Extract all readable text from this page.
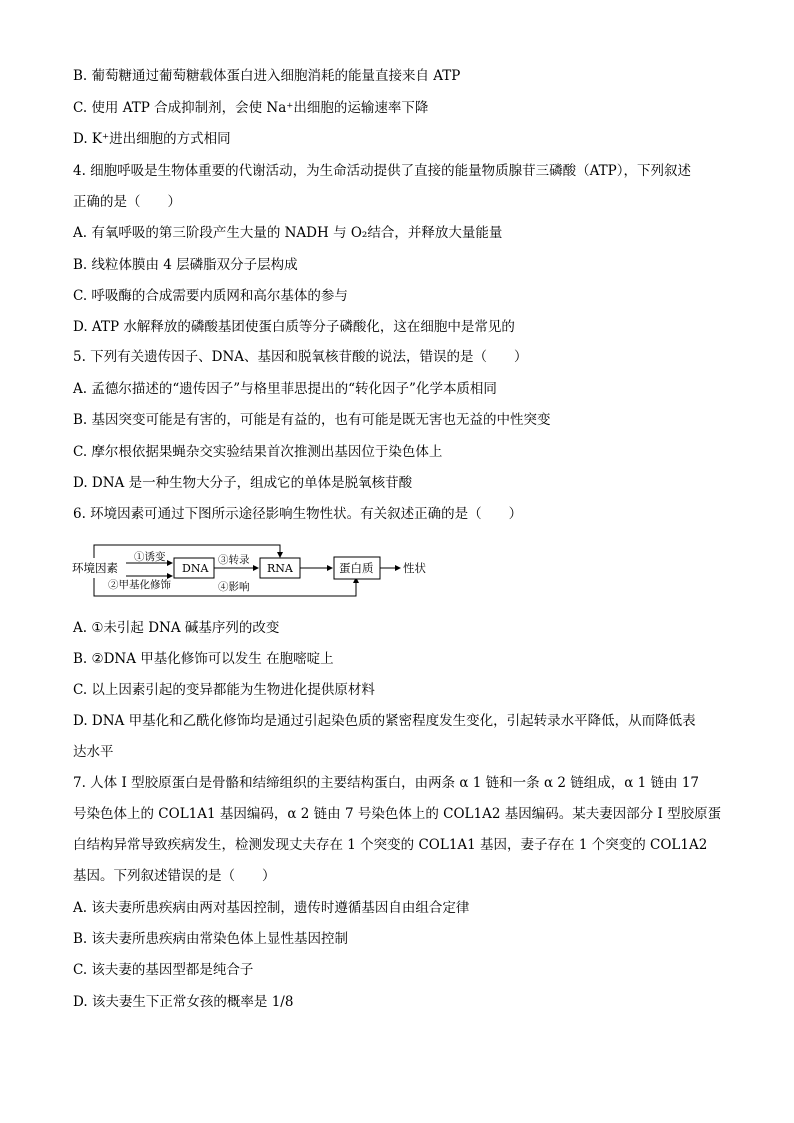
B. 葡萄糖通过葡萄糖载体蛋白进入细胞消耗的能量直接来自 ATP
C. 使用 ATP 合成抑制剂，会使 Na⁺出细胞的运输速率下降
D. K⁺进出细胞的方式相同
4. 细胞呼吸是生物体重要的代谢活动，为生命活动提供了直接的能量物质腺苷三磷酸（ATP），下列叙述
正确的是（　　）
A. 有氧呼吸的第三阶段产生大量的 NADH 与 O₂结合，并释放大量能量
B. 线粒体膜由 4 层磷脂双分子层构成
C. 呼吸酶的合成需要内质网和高尔基体的参与
D. ATP 水解释放的磷酸基团使蛋白质等分子磷酸化，这在细胞中是常见的
5. 下列有关遗传因子、DNA、基因和脱氧核苷酸的说法，错误的是（　　）
A. 孟德尔描述的“遗传因子”与格里菲思提出的“转化因子”化学本质相同
B. 基因突变可能是有害的，可能是有益的，也有可能是既无害也无益的中性突变
C. 摩尔根依据果蝇杂交实验结果首次推测出基因位于染色体上
D. DNA 是一种生物大分子，组成它的单体是脱氧核苷酸
6. 环境因素可通过下图所示途径影响生物性状。有关叙述正确的是（　　）
环境因素
①诱变
②甲基化修饰
DNA
③转录
RNA
④影响
蛋白质	性状
A. ①未引起 DNA 碱基序列的改变
B. ②DNA 甲基化修饰可以发生 在胞嘧啶上
C. 以上因素引起的变异都能为生物进化提供原材料
D. DNA 甲基化和乙酰化修饰均是通过引起染色质的紧密程度发生变化，引起转录水平降低，从而降低表
达水平
7. 人体 I 型胶原蛋白是骨骼和结缔组织的主要结构蛋白，由两条 α 1 链和一条 α 2 链组成，α 1 链由 17
号染色体上的 COL1A1 基因编码，α 2 链由 7 号染色体上的 COL1A2 基因编码。某夫妻因部分 I 型胶原蛋
白结构异常导致疾病发生，检测发现丈夫存在 1 个突变的 COL1A1 基因，妻子存在 1 个突变的 COL1A2
基因。下列叙述错误的是（　　）
A. 该夫妻所患疾病由两对基因控制，遗传时遵循基因自由组合定律
B. 该夫妻所患疾病由常染色体上显性基因控制
C. 该夫妻的基因型都是纯合子
D. 该夫妻生下正常女孩的概率是 1/8
